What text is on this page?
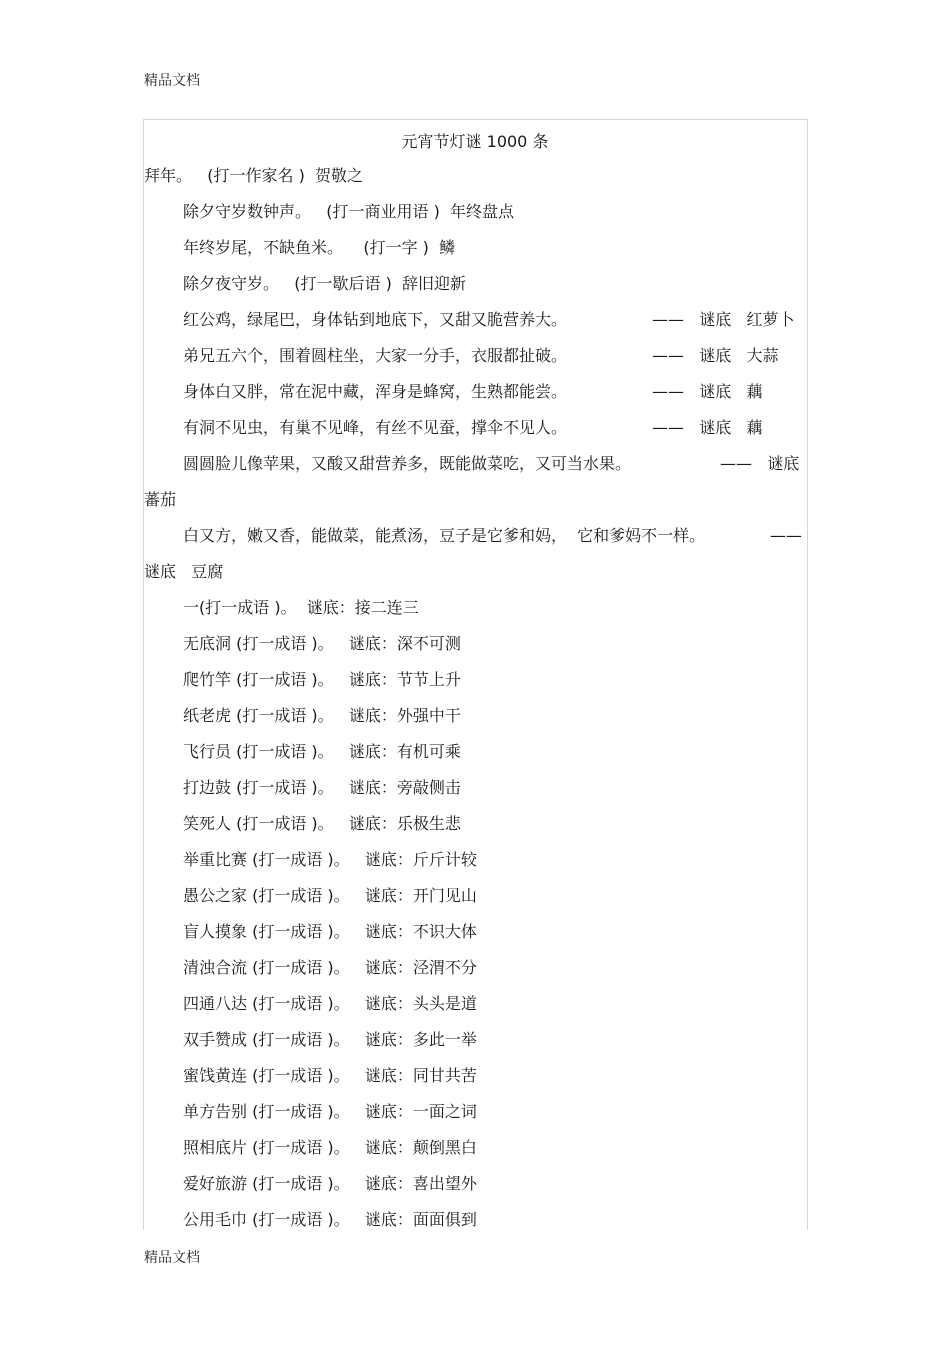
精品文档
元宵节灯谜 1000 条
拜年。   (打一作家名 )  贺敬之
除夕守岁数钟声。   (打一商业用语 )  年终盘点
年终岁尾，不缺鱼米。    (打一字 )  鳞
除夕夜守岁。   (打一歇后语 )  辞旧迎新
红公鸡，绿尾巴，身体钻到地底下，又甜又脆营养大。	——   谜底   红萝卜
弟兄五六个，围着圆柱坐，大家一分手，衣服都扯破。	——   谜底   大蒜
身体白又胖，常在泥中藏，浑身是蜂窝，生熟都能尝。	——   谜底   藕
有洞不见虫，有巢不见峰，有丝不见蚕，撑伞不见人。	——   谜底   藕
圆圆脸儿像苹果，又酸又甜营养多，既能做菜吃，又可当水果。	——   谜底
蕃茄
白又方，嫩又香，能做菜，能煮汤，豆子是它爹和妈，  它和爹妈不一样。	——
谜底   豆腐
一(打一成语 )。  谜底：接二连三
无底洞 (打一成语 )。   谜底：深不可测
爬竹竿 (打一成语 )。   谜底：节节上升
纸老虎 (打一成语 )。   谜底：外强中干
飞行员 (打一成语 )。   谜底：有机可乘
打边鼓 (打一成语 )。   谜底：旁敲侧击
笑死人 (打一成语 )。   谜底：乐极生悲
举重比赛 (打一成语 )。   谜底：斤斤计较
愚公之家 (打一成语 )。   谜底：开门见山
盲人摸象 (打一成语 )。   谜底：不识大体
清浊合流 (打一成语 )。   谜底：泾渭不分
四通八达 (打一成语 )。   谜底：头头是道
双手赞成 (打一成语 )。   谜底：多此一举
蜜饯黄连 (打一成语 )。   谜底：同甘共苦
单方告别 (打一成语 )。   谜底：一面之词
照相底片 (打一成语 )。   谜底：颠倒黑白
爱好旅游 (打一成语 )。   谜底：喜出望外
公用毛巾 (打一成语 )。   谜底：面面俱到
精品文档
